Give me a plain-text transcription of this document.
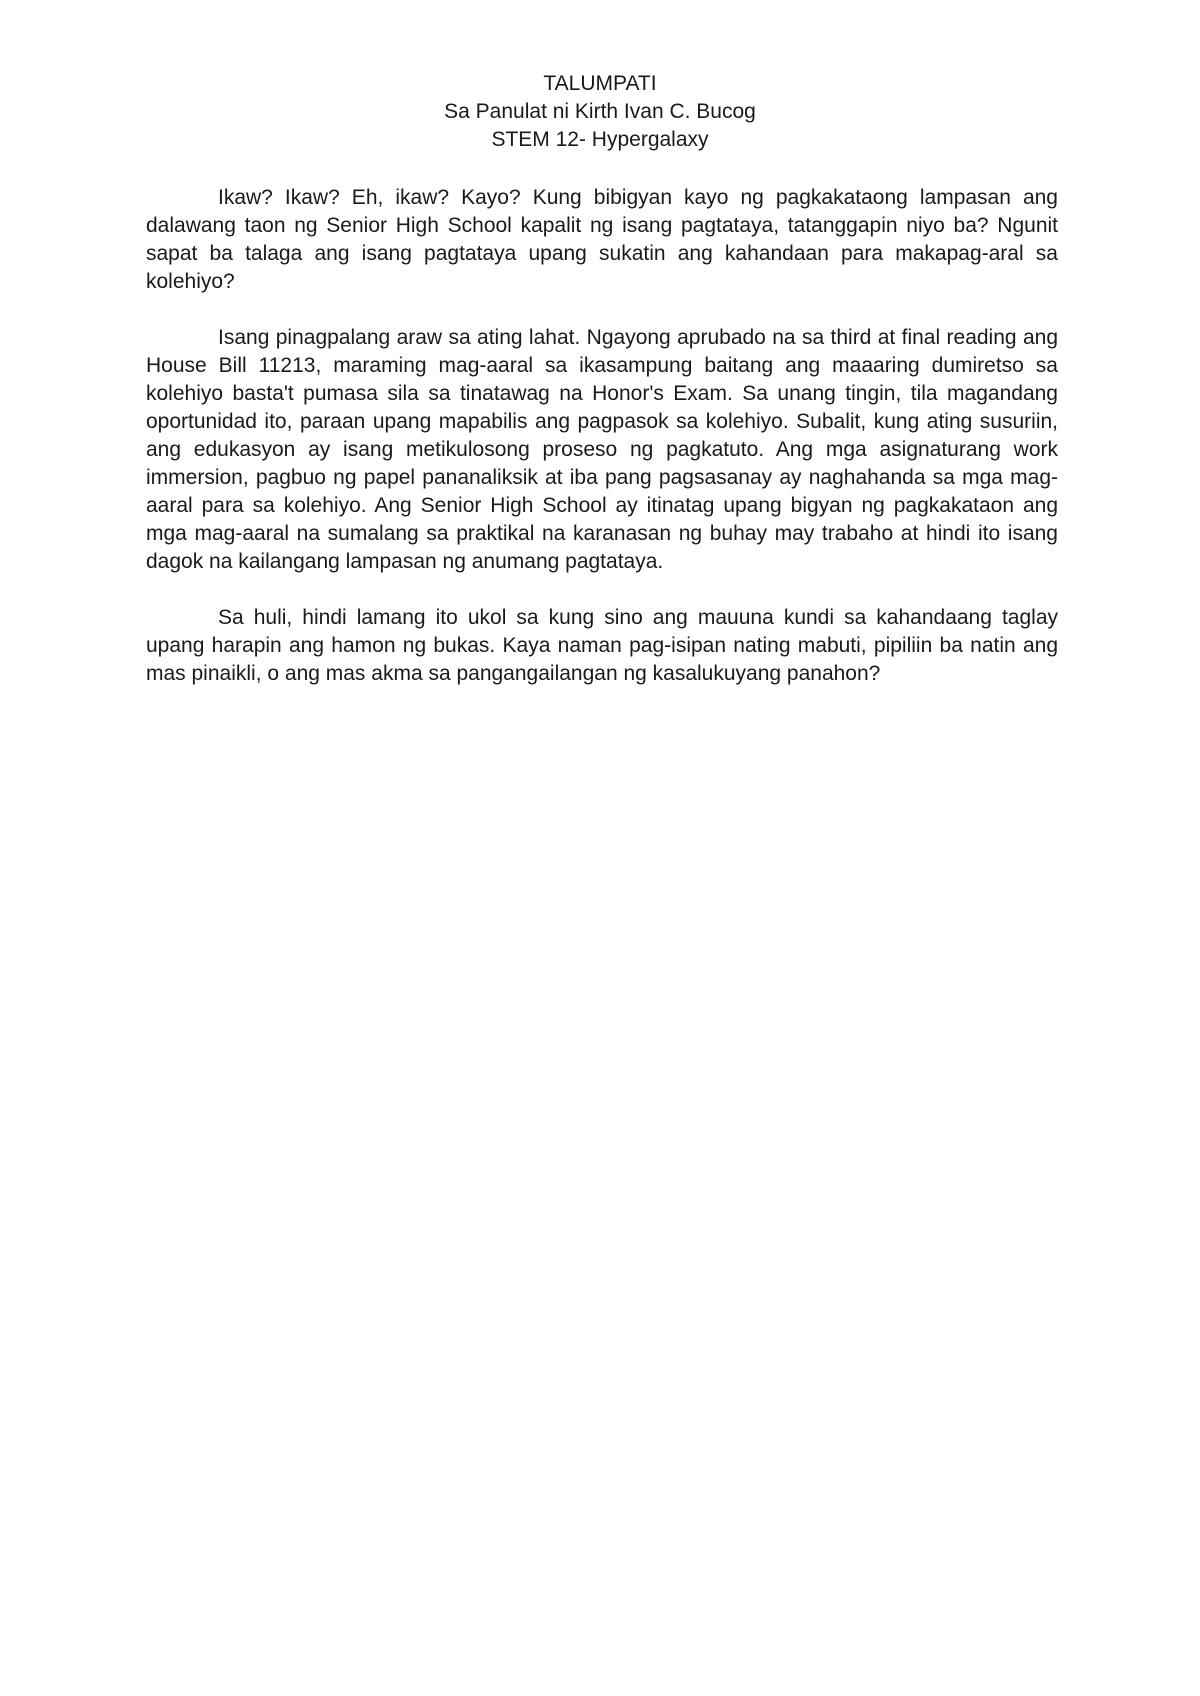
TALUMPATI
Sa Panulat ni Kirth Ivan C. Bucog
STEM 12- Hypergalaxy

Ikaw? Ikaw? Eh, ikaw? Kayo? Kung bibigyan kayo ng pagkakataong lampasan ang dalawang taon ng Senior High School kapalit ng isang pagtataya, tatanggapin niyo ba? Ngunit sapat ba talaga ang isang pagtataya upang sukatin ang kahandaan para makapag-aral sa kolehiyo?

Isang pinagpalang araw sa ating lahat. Ngayong aprubado na sa third at final reading ang House Bill 11213, maraming mag-aaral sa ikasampung baitang ang maaaring dumiretso sa kolehiyo basta't pumasa sila sa tinatawag na Honor's Exam. Sa unang tingin, tila magandang oportunidad ito, paraan upang mapabilis ang pagpasok sa kolehiyo. Subalit, kung ating susuriin, ang edukasyon ay isang metikulosong proseso ng pagkatuto. Ang mga asignaturang work immersion, pagbuo ng papel pananaliksik at iba pang pagsasanay ay naghahanda sa mga mag-aaral para sa kolehiyo. Ang Senior High School ay itinatag upang bigyan ng pagkakataon ang mga mag-aaral na sumalang sa praktikal na karanasan ng buhay may trabaho at hindi ito isang dagok na kailangang lampasan ng anumang pagtataya.

Sa huli, hindi lamang ito ukol sa kung sino ang mauuna kundi sa kahandaang taglay upang harapin ang hamon ng bukas. Kaya naman pag-isipan nating mabuti, pipiliin ba natin ang mas pinaikli, o ang mas akma sa pangangailangan ng kasalukuyang panahon?
